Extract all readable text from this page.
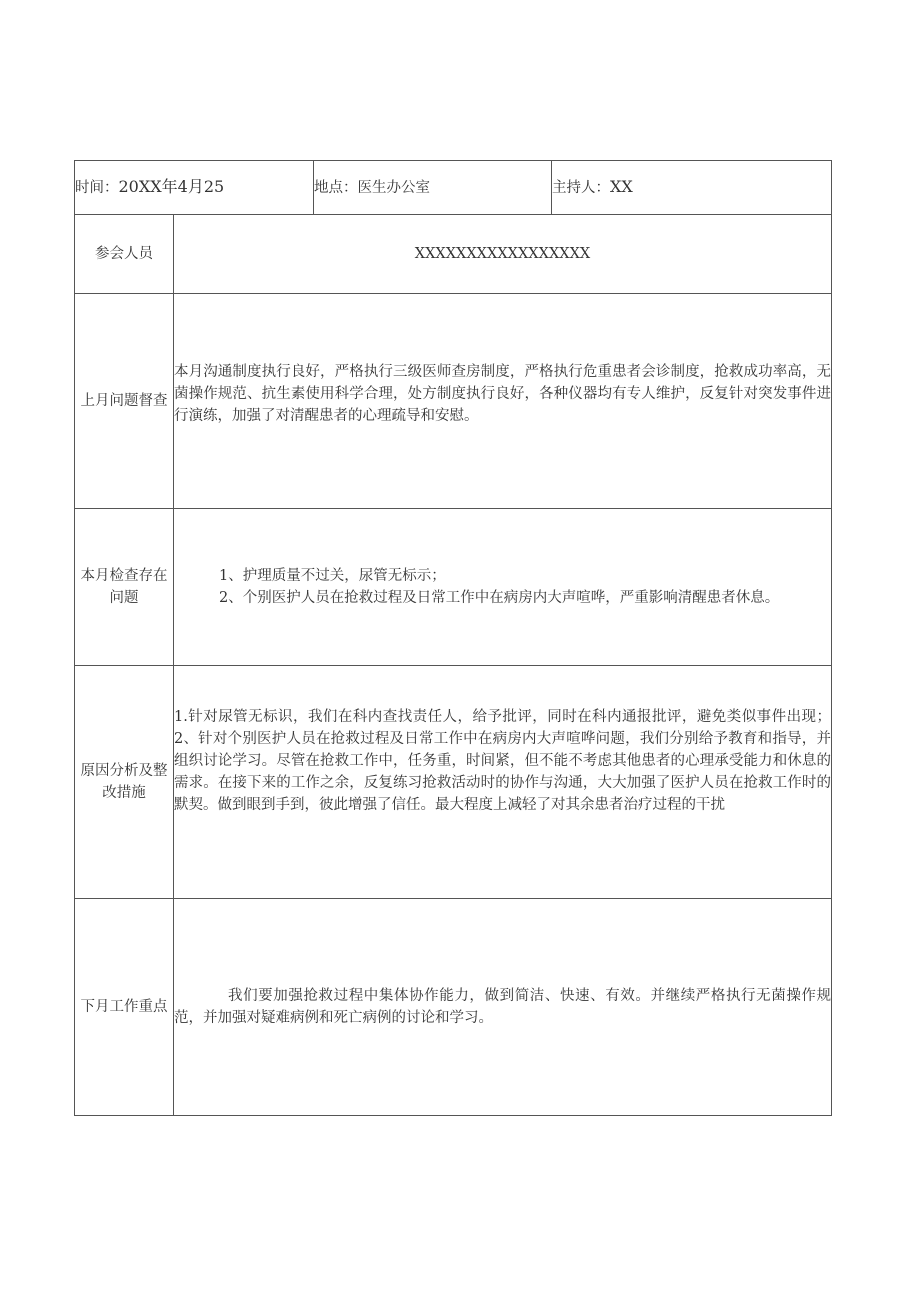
时间：20XX年4月25		地点：医生办公室	主持人：XX
参会人员	XXXXXXXXXXXXXXXXX		
上月问题督查	本月沟通制度执行良好，严格执行三级医师查房制度，严格执行危重患者会诊制度，抢救成功率高，无菌操作规范、抗生素使用科学合理，处方制度执行良好，各种仪器均有专人维护，反复针对突发事件进行演练，加强了对清醒患者的心理疏导和安慰。		
本月检查存在问题	1、护理质量不过关，尿管无标示；
2、个别医护人员在抢救过程及日常工作中在病房内大声喧哗，严重影响清醒患者休息。		

原因分析及整改措施	1.针对尿管无标识，我们在科内查找责任人，给予批评，同时在科内通报批评，避免类似事件出现；2、针对个别医护人员在抢救过程及日常工作中在病房内大声喧哗问题，我们分别给予教育和指导，并组织讨论学习。尽管在抢救工作中，任务重，时间紧，但不能不考虑其他患者的心理承受能力和休息的需求。在接下来的工作之余，反复练习抢救活动时的协作与沟通，大大加强了医护人员在抢救工作时的默契。做到眼到手到，彼此增强了信任。最大程度上减轻了对其余患者治疗过程的干扰		
下月工作重点	我们要加强抢救过程中集体协作能力，做到简洁、快速、有效。并继续严格执行无菌操作规范，并加强对疑难病例和死亡病例的讨论和学习。		
